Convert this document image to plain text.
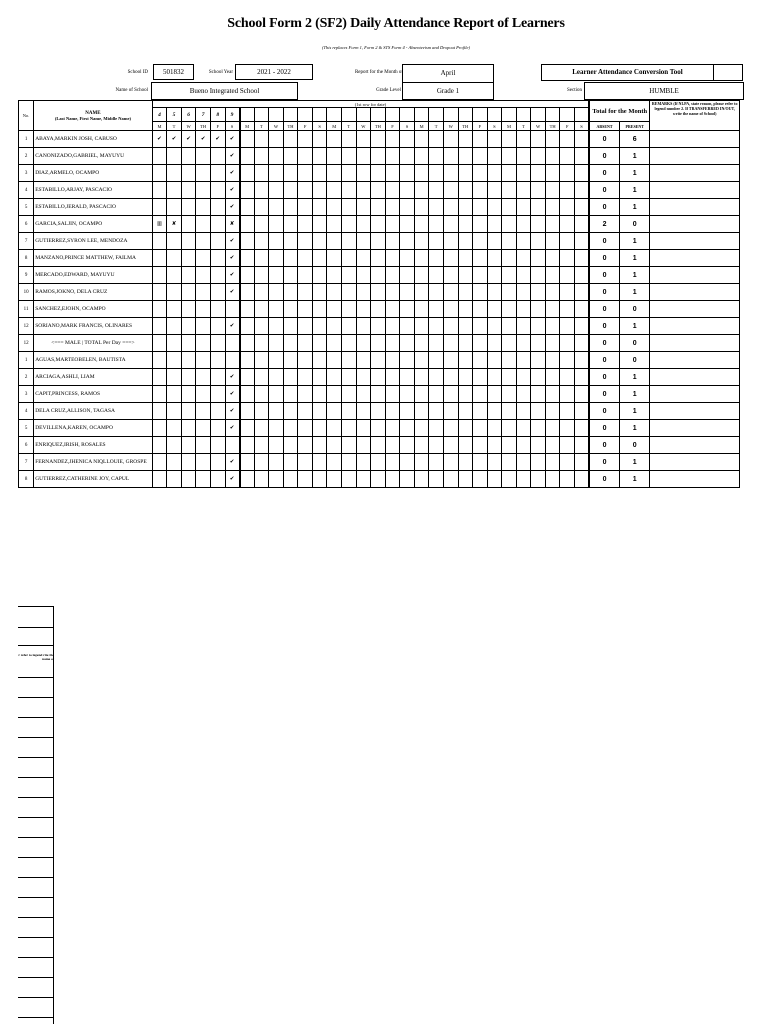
School Form 2 (SF2) Daily Attendance Report of Learners
(This replaces Form 1, Form 2 & STS Form 4 - Absenteeism and Dropout Profile)
School ID	501832	School Year	2021 - 2022	Report for the Month of	April	Learner Attendance Conversion Tool
Name of School	Bueno Integrated School	Grade Level	Grade 1	Section	HUMBLE
No.	NAME
(Last Name, First Name, Middle Name)	(1st row for date)																														Total for the Month		REMARKS (If NLPA, state reason, please refer to legend number 2. If TRANSFERRED IN/OUT, write the name of School)
		4	5	6	7	8	9																											
		M	T	W	TH	F	S	M	T	W	TH	F	S	M	T	W	TH	F	S	M	T	W	TH	F	S	M	T	W	TH	F	S	ABSENT	PRESENT	
1	ABAYA,MARKIN JOSH, CABUSO	✔	✔	✔	✔	✔	✔																									0	6	
2	CANONIZADO,GABRIEL, MAYUYU						✔																									0	1	
3	DIAZ,ARMELO, OCAMPO						✔																									0	1	
4	ESTABILLO,ARJAY, PASCACIO						✔																									0	1	
5	ESTABILLO,JERALD, PASCACIO						✔																									0	1	
6	GARCIA,SALJIN, OCAMPO	▥	✘				✘																									2	0	
7	GUTIERREZ,SYRON LEE, MENDOZA						✔																									0	1	
8	MANZANO,PRINCE MATTHEW, FAILMA						✔																									0	1	
9	MERCADO,EDWARD, MAYUYU						✔																									0	1	
10	RAMOS,JOKNO, DELA CRUZ						✔																									0	1	
11	SANCHEZ,EJOHN, OCAMPO																															0	0	
12	SORIANO,MARK FRANCIS, OLINARES						✔																									0	1	
12	<=== MALE | TOTAL Per Day ===>																															0	0	
1	AGUAS,MARTEOBELEN, BAUTISTA																															0	0	
2	ARCIAGA,ASHLI, LIAM						✔																									0	1	
3	CAPIT,PRINCESS, RAMOS						✔																									0	1	
4	DELA CRUZ,ALLISON, TAGASA						✔																									0	1	
5	DEVILLENA,KAREN, OCAMPO						✔																									0	1	
6	ENRIQUEZ,IRISH, ROSALES																															0	0	
7	FERNANDEZ,JHENICA NIQLLOUIE, GROSPE						✔																									0	1	
8	GUTIERREZ,CATHERINE JOY, CAPUL						✔																									0	1	
r refer to legend rite the name of
